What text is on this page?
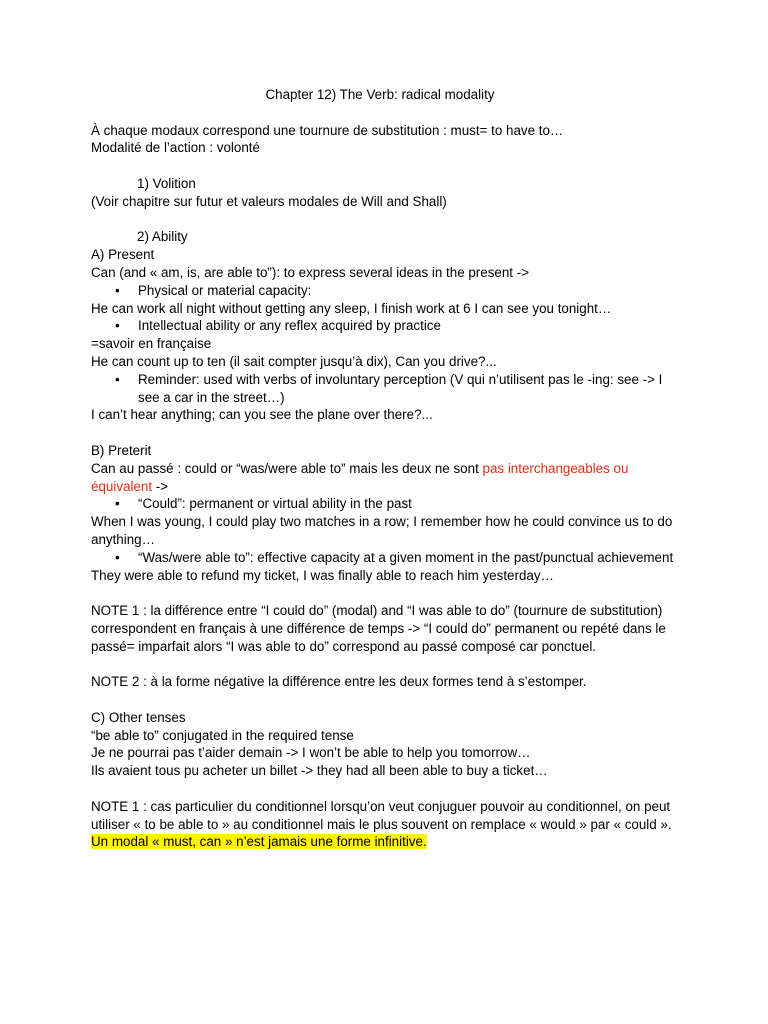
Chapter 12) The Verb: radical modality
À chaque modaux correspond une tournure de substitution : must= to have to…
Modalité de l’action : volonté
1) Volition
(Voir chapitre sur futur et valeurs modales de Will and Shall)
2) Ability
A) Present
Can (and « am, is, are able to”): to express several ideas in the present ->
•	Physical or material capacity:
He can work all night without getting any sleep, I finish work at 6 I can see you tonight…
•	Intellectual ability or any reflex acquired by practice
=savoir en française
He can count up to ten (il sait compter jusqu’à dix), Can you drive?...
•	Reminder: used with verbs of involuntary perception (V qui n’utilisent pas le -ing: see -> I see a car in the street…)
I can’t hear anything; can you see the plane over there?...
B) Preterit
Can au passé : could or “was/were able to” mais les deux ne sont pas interchangeables ou équivalent ->
•	“Could”: permanent or virtual ability in the past
When I was young, I could play two matches in a row; I remember how he could convince us to do anything…
•	“Was/were able to”: effective capacity at a given moment in the past/punctual achievement
They were able to refund my ticket, I was finally able to reach him yesterday…
NOTE 1 : la différence entre “I could do” (modal) and “I was able to do” (tournure de substitution) correspondent en français à une différence de temps -> “I could do” permanent ou repété dans le passé= imparfait alors “I was able to do” correspond au passé composé car ponctuel.
NOTE 2 : à la forme négative la différence entre les deux formes tend à s’estomper.
C) Other tenses
“be able to” conjugated in the required tense
Je ne pourrai pas t’aider demain -> I won’t be able to help you tomorrow…
Ils avaient tous pu acheter un billet -> they had all been able to buy a ticket…
NOTE 1 : cas particulier du conditionnel lorsqu’on veut conjuguer pouvoir au conditionnel, on peut utiliser « to be able to » au conditionnel mais le plus souvent on remplace « would » par « could ».
Un modal « must, can » n’est jamais une forme infinitive.
